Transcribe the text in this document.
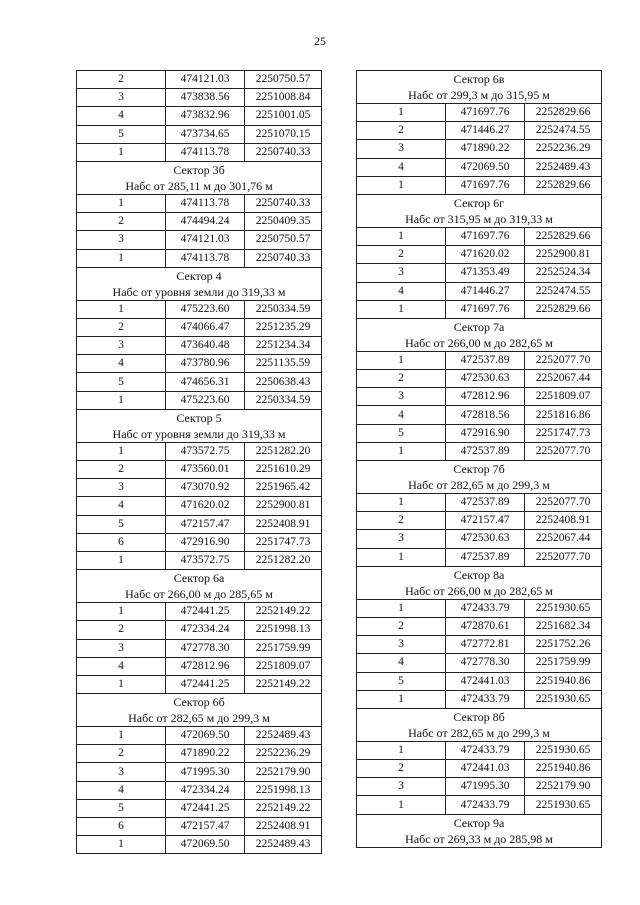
25
2	474121.03	2250750.57
3	473838.56	2251008.84
4	473832.96	2251001.05
5	473734.65	2251070.15
1	474113.78	2250740.33

Сектор 3б
Набс от 285,11 м до 301,76 м		

1	474113.78	2250740.33
2	474494.24	2250409.35
3	474121.03	2250750.57
1	474113.78	2250740.33

Сектор 4
Набс от уровня земли до 319,33 м		

1	475223.60	2250334.59
2	474066.47	2251235.29
3	473640.48	2251234.34
4	473780.96	2251135.59
5	474656.31	2250638.43
1	475223.60	2250334.59

Сектор 5
Набс от уровня земли до 319,33 м		

1	473572.75	2251282.20
2	473560.01	2251610.29
3	473070.92	2251965.42
4	471620.02	2252900.81
5	472157.47	2252408.91
6	472916.90	2251747.73
1	473572.75	2251282.20

Сектор 6а
Набс от 266,00 м до 285,65 м		

1	472441.25	2252149.22
2	472334.24	2251998.13
3	472778.30	2251759.99
4	472812.96	2251809.07
1	472441.25	2252149.22

Сектор 6б
Набс от 282,65 м до 299,3 м		

1	472069.50	2252489.43
2	471890.22	2252236.29
3	471995.30	2252179.90
4	472334.24	2251998.13
5	472441.25	2252149.22
6	472157.47	2252408.91
1	472069.50	2252489.43
Сектор 6в
Набс от 299,3 м до 315,95 м		

1	471697.76	2252829.66
2	471446.27	2252474.55
3	471890.22	2252236.29
4	472069.50	2252489.43
1	471697.76	2252829.66

Сектор 6г
Набс от 315,95 м до 319,33 м		

1	471697.76	2252829.66
2	471620.02	2252900.81
3	471353.49	2252524.34
4	471446.27	2252474.55
1	471697.76	2252829.66

Сектор 7а
Набс от 266,00 м до 282,65 м		

1	472537.89	2252077.70
2	472530.63	2252067.44
3	472812.96	2251809.07
4	472818.56	2251816.86
5	472916.90	2251747.73
1	472537.89	2252077.70

Сектор 7б
Набс от 282,65 м до 299,3 м		

1	472537.89	2252077.70
2	472157.47	2252408.91
3	472530.63	2252067.44
1	472537.89	2252077.70

Сектор 8а
Набс от 266,00 м до 282,65 м		

1	472433.79	2251930.65
2	472870.61	2251682.34
3	472772.81	2251752.26
4	472778.30	2251759.99
5	472441.03	2251940.86
1	472433.79	2251930.65

Сектор 8б
Набс от 282,65 м до 299,3 м		

1	472433.79	2251930.65
2	472441.03	2251940.86
3	471995.30	2252179.90
1	472433.79	2251930.65

Сектор 9а
Набс от 269,33 м до 285,98 м		
